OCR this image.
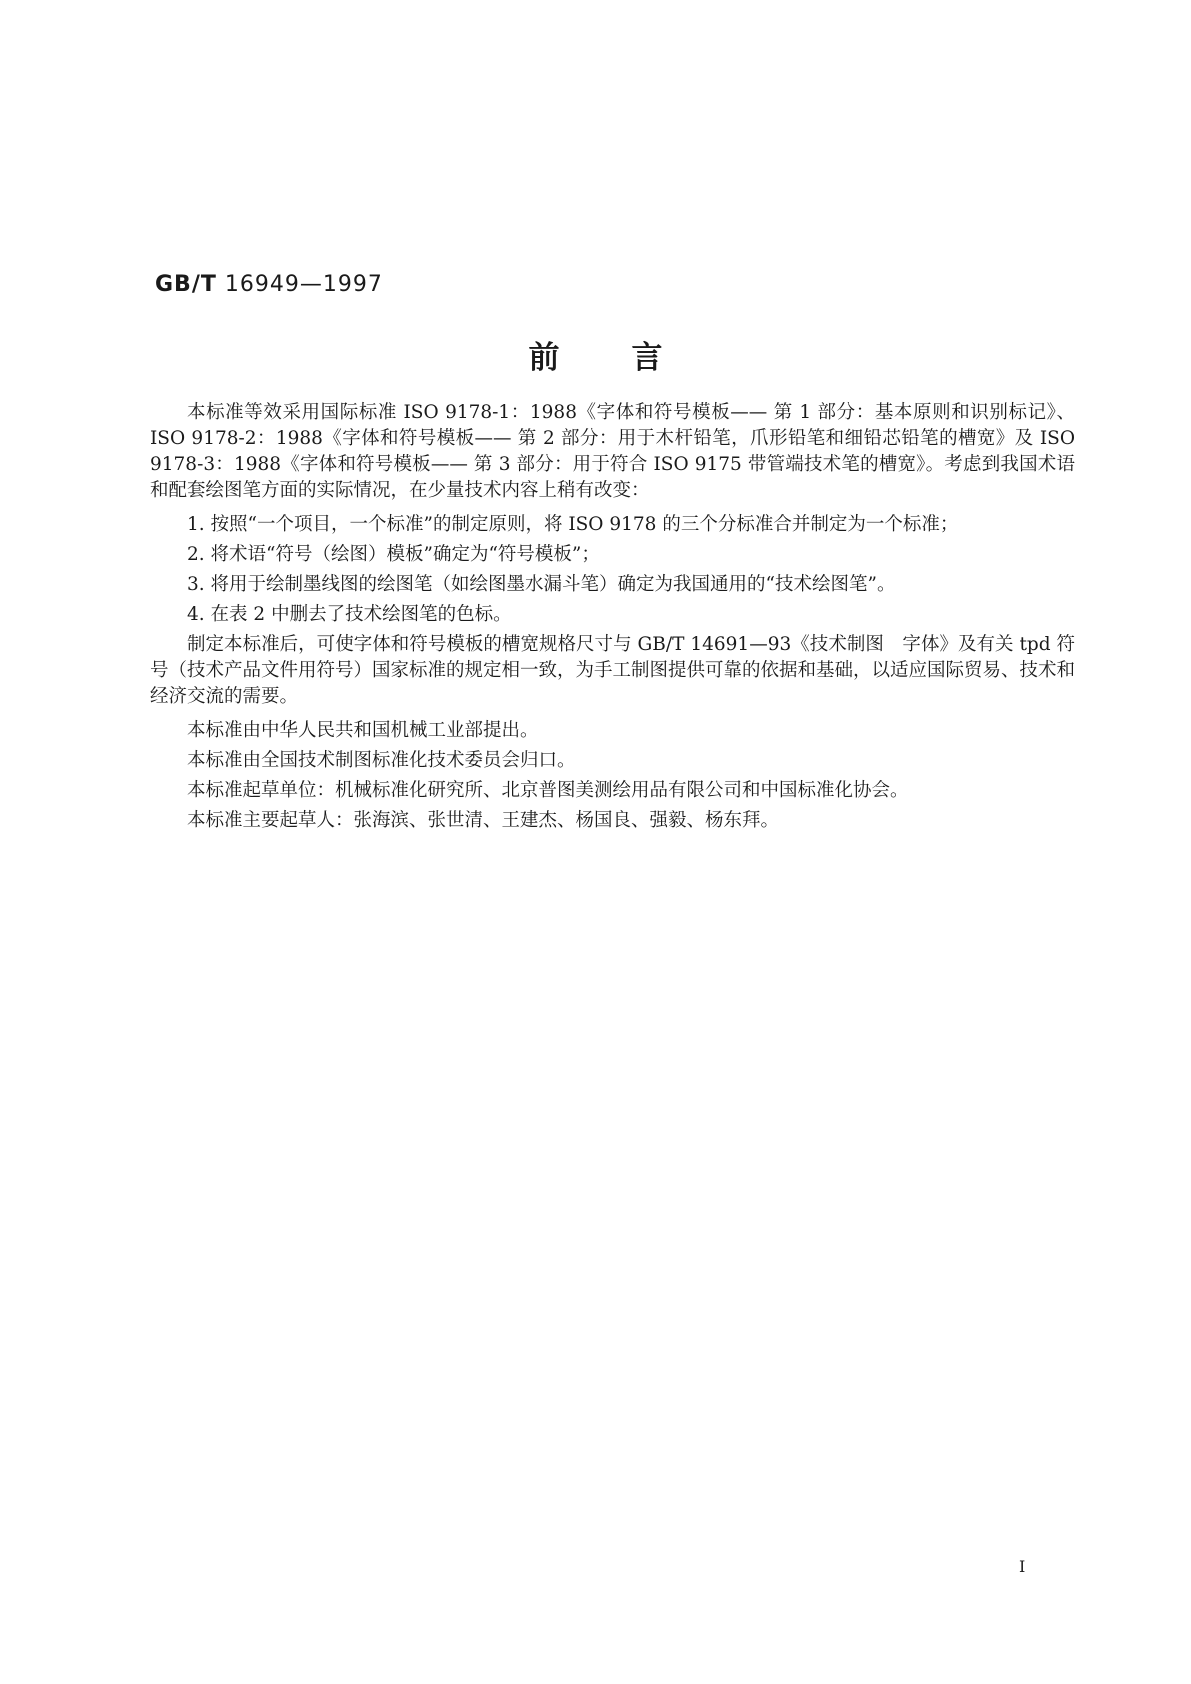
GB/T 16949—1997
前言

本标准等效采用国际标准 ISO 9178-1：1988《字体和符号模板—— 第 1 部分：基本原则和识别标记》、ISO 9178-2：1988《字体和符号模板—— 第 2 部分：用于木杆铅笔，爪形铅笔和细铅芯铅笔的槽宽》及 ISO 9178-3：1988《字体和符号模板—— 第 3 部分：用于符合 ISO 9175 带管端技术笔的槽宽》。考虑到我国术语和配套绘图笔方面的实际情况，在少量技术内容上稍有改变：

1. 按照“一个项目，一个标准”的制定原则，将 ISO 9178 的三个分标准合并制定为一个标准；

2. 将术语“符号（绘图）模板”确定为“符号模板”；

3. 将用于绘制墨线图的绘图笔（如绘图墨水漏斗笔）确定为我国通用的“技术绘图笔”。

4. 在表 2 中删去了技术绘图笔的色标。

制定本标准后，可使字体和符号模板的槽宽规格尺寸与 GB/T 14691—93《技术制图　字体》及有关 tpd 符号（技术产品文件用符号）国家标准的规定相一致，为手工制图提供可靠的依据和基础，以适应国际贸易、技术和经济交流的需要。

本标准由中华人民共和国机械工业部提出。

本标准由全国技术制图标准化技术委员会归口。

本标准起草单位：机械标准化研究所、北京普图美测绘用品有限公司和中国标准化协会。

本标准主要起草人：张海滨、张世清、王建杰、杨国良、强毅、杨东拜。

I
